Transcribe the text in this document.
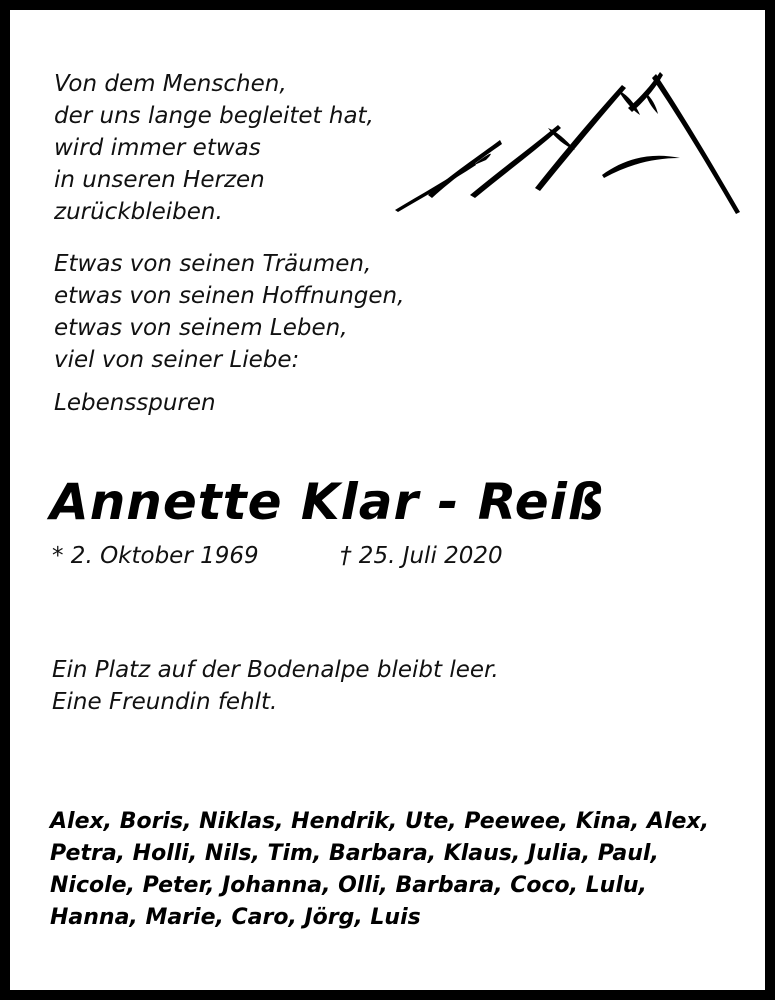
Von dem Menschen,
der uns lange begleitet hat,
wird immer etwas
in unseren Herzen
zurückbleiben.
Etwas von seinen Träumen,
etwas von seinen Hoffnungen,
etwas von seinem Leben,
viel von seiner Liebe:
Lebensspuren
Annette Klar - Reiß
* 2. Oktober 1969	† 25. Juli 2020
Ein Platz auf der Bodenalpe bleibt leer.
Eine Freundin fehlt.
Alex, Boris, Niklas, Hendrik, Ute, Peewee, Kina, Alex,
Petra, Holli, Nils, Tim, Barbara, Klaus, Julia, Paul,
Nicole, Peter, Johanna, Olli, Barbara, Coco, Lulu,
Hanna, Marie, Caro, Jörg, Luis
